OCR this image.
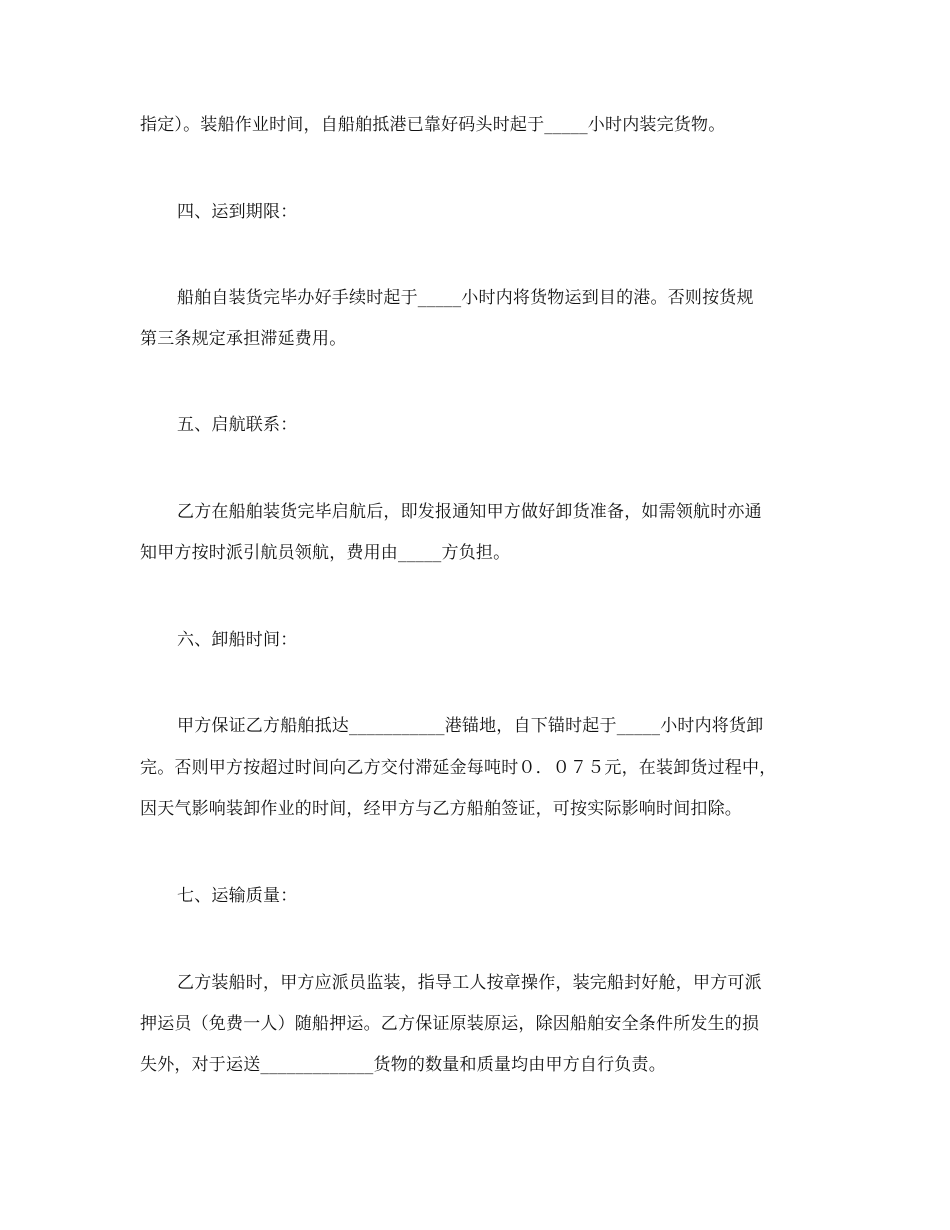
指定）。装船作业时间，自船舶抵港已靠好码头时起于_____小时内装完货物。
四、运到期限：
船舶自装货完毕办好手续时起于_____小时内将货物运到目的港。否则按货规
第三条规定承担滞延费用。
五、启航联系：
乙方在船舶装货完毕启航后，即发报通知甲方做好卸货准备，如需领航时亦通
知甲方按时派引航员领航，费用由_____方负担。
六、卸船时间：
甲方保证乙方船舶抵达___________港锚地，自下锚时起于_____小时内将货卸
完。否则甲方按超过时间向乙方交付滞延金每吨时０．０７５元，在装卸货过程中，
因天气影响装卸作业的时间，经甲方与乙方船舶签证，可按实际影响时间扣除。
七、运输质量：
乙方装船时，甲方应派员监装，指导工人按章操作，装完船封好舱，甲方可派
押运员（免费一人）随船押运。乙方保证原装原运，除因船舶安全条件所发生的损
失外，对于运送_____________货物的数量和质量均由甲方自行负责。
